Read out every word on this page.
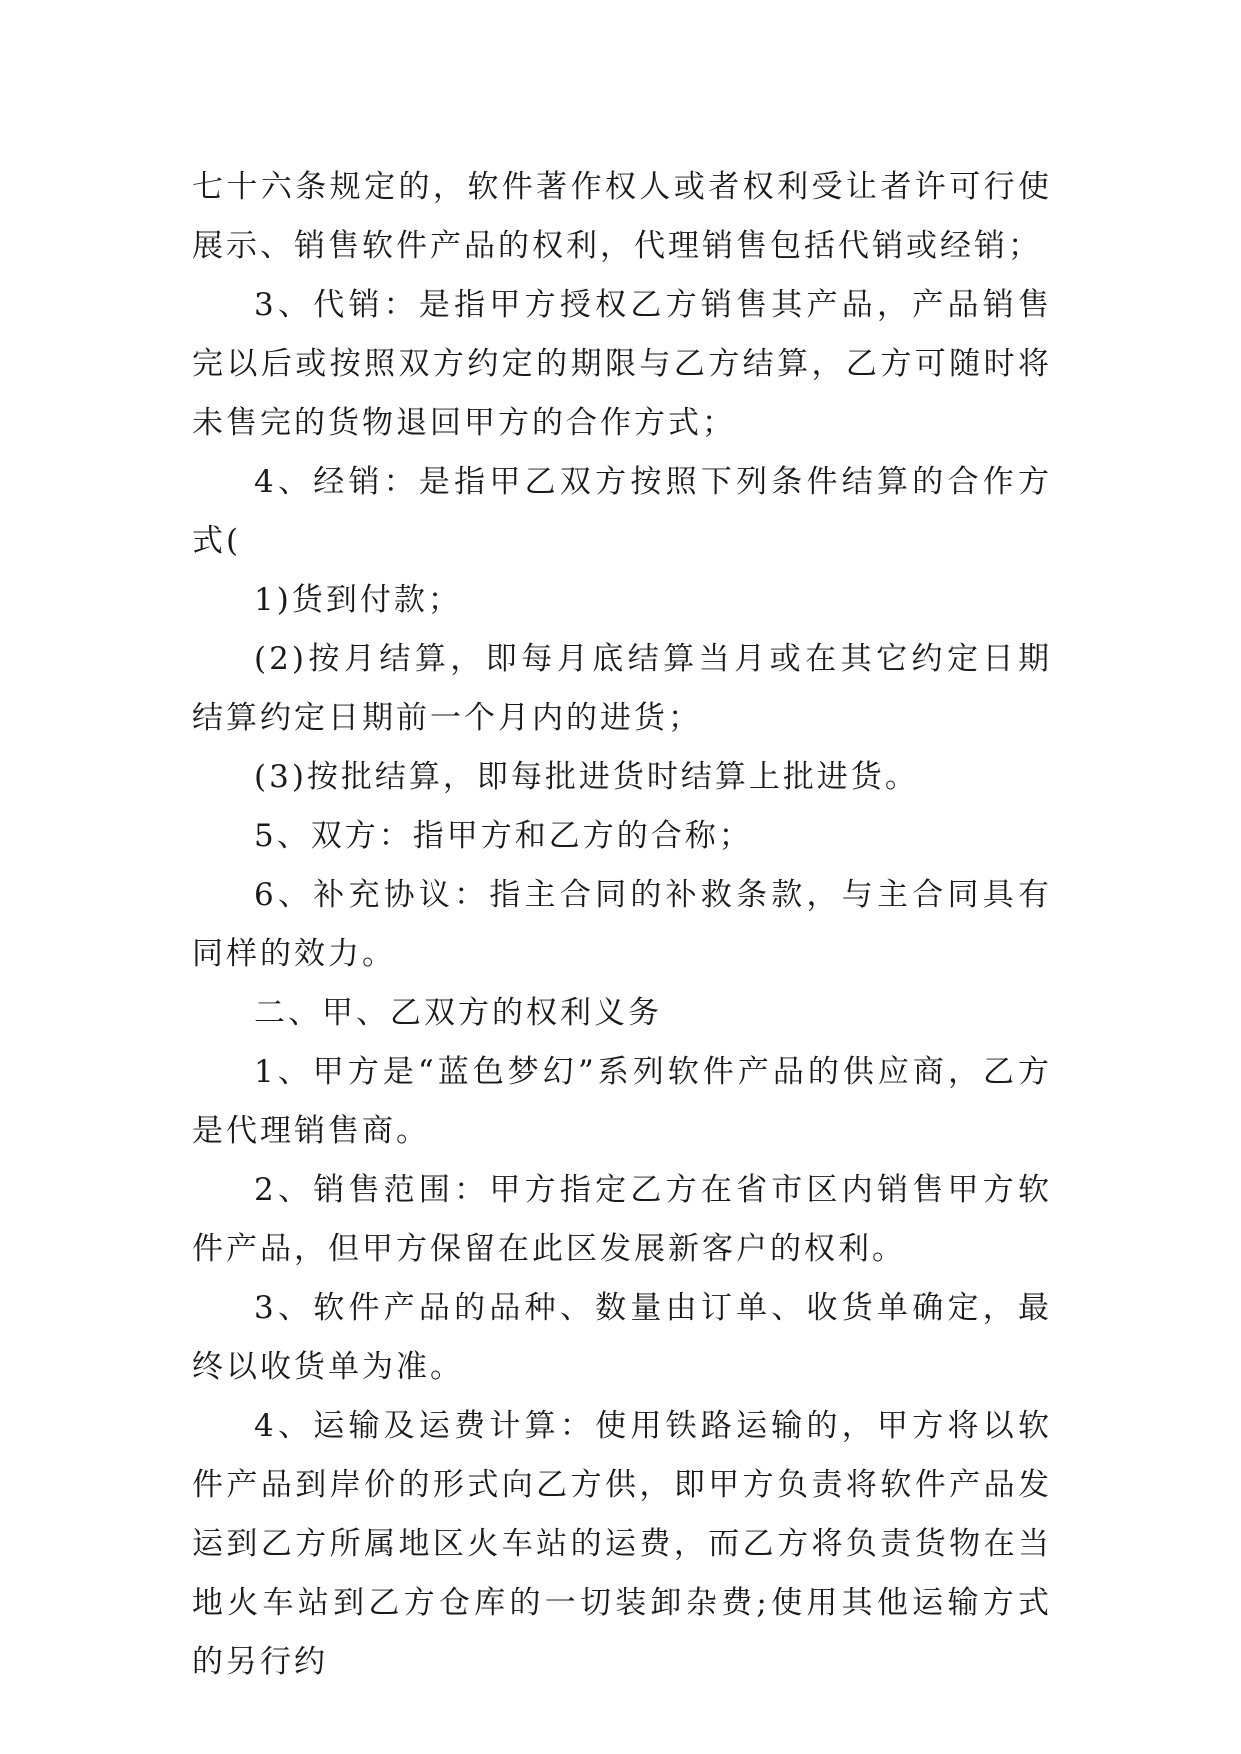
七十六条规定的，软件著作权人或者权利受让者许可行使展示、销售软件产品的权利，代理销售包括代销或经销；

3、代销：是指甲方授权乙方销售其产品，产品销售完以后或按照双方约定的期限与乙方结算，乙方可随时将未售完的货物退回甲方的合作方式；

4、经销：是指甲乙双方按照下列条件结算的合作方式(

1)货到付款；

(2)按月结算，即每月底结算当月或在其它约定日期结算约定日期前一个月内的进货；

(3)按批结算，即每批进货时结算上批进货。

5、双方：指甲方和乙方的合称；

6、补充协议：指主合同的补救条款，与主合同具有同样的效力。

二、甲、乙双方的权利义务

1、甲方是“蓝色梦幻”系列软件产品的供应商，乙方是代理销售商。

2、销售范围：甲方指定乙方在省市区内销售甲方软件产品，但甲方保留在此区发展新客户的权利。

3、软件产品的品种、数量由订单、收货单确定，最终以收货单为准。

4、运输及运费计算：使用铁路运输的，甲方将以软件产品到岸价的形式向乙方供，即甲方负责将软件产品发运到乙方所属地区火车站的运费，而乙方将负责货物在当地火车站到乙方仓库的一切装卸杂费;使用其他运输方式的另行约
